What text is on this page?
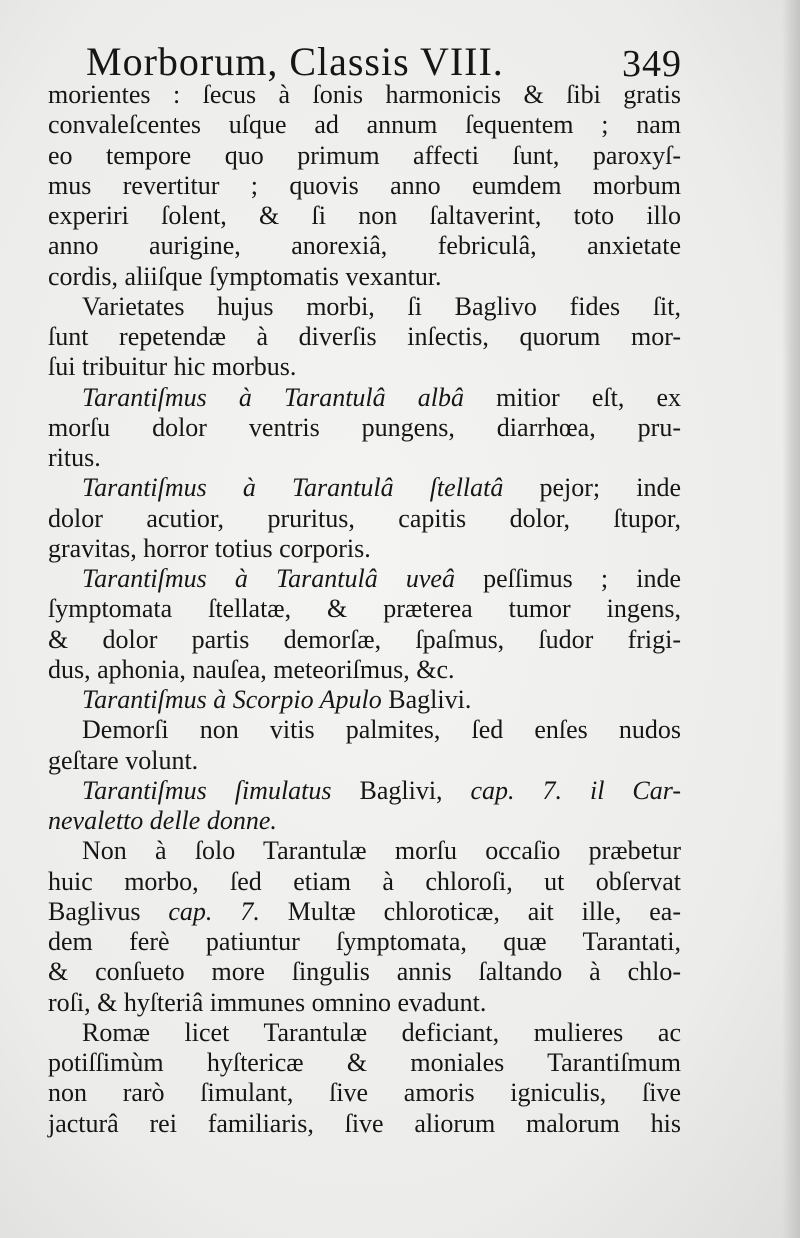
Morborum, Classis VIII.	349
morientes : ſecus à ſonis harmonicis & ſibi gratis
convaleſcentes uſque ad annum ſequentem ; nam
eo tempore quo primum affecti ſunt, paroxyſ-
mus revertitur ; quovis anno eumdem morbum
experiri ſolent, & ſi non ſaltaverint, toto illo
anno aurigine, anorexiâ, febriculâ, anxietate
cordis, aliiſque ſymptomatis vexantur.
Varietates hujus morbi, ſi Baglivo fides ſit,
ſunt repetendæ à diverſis inſectis, quorum mor-
ſui tribuitur hic morbus.
Tarantiſmus à Tarantulâ albâ mitior eſt, ex
morſu dolor ventris pungens, diarrhœa, pru-
ritus.
Tarantiſmus à Tarantulâ ſtellatâ pejor; inde
dolor acutior, pruritus, capitis dolor, ſtupor,
gravitas, horror totius corporis.
Tarantiſmus à Tarantulâ uveâ peſſimus ; inde
ſymptomata ſtellatæ, & præterea tumor ingens,
& dolor partis demorſæ, ſpaſmus, ſudor frigi-
dus, aphonia, nauſea, meteoriſmus, &c.
Tarantiſmus à Scorpio Apulo Baglivi.
Demorſi non vitis palmites, ſed enſes nudos
geſtare volunt.
Tarantiſmus ſimulatus Baglivi, cap. 7. il Car-
nevaletto delle donne.
Non à ſolo Tarantulæ morſu occaſio præbetur
huic morbo, ſed etiam à chloroſi, ut obſervat
Baglivus cap. 7. Multæ chloroticæ, ait ille, ea-
dem ferè patiuntur ſymptomata, quæ Tarantati,
& conſueto more ſingulis annis ſaltando à chlo-
roſi, & hyſteriâ immunes omnino evadunt.
Romæ licet Tarantulæ deficiant, mulieres ac
potiſſimùm hyſtericæ & moniales Tarantiſmum
non rarò ſimulant, ſive amoris igniculis, ſive
jacturâ rei familiaris, ſive aliorum malorum his
